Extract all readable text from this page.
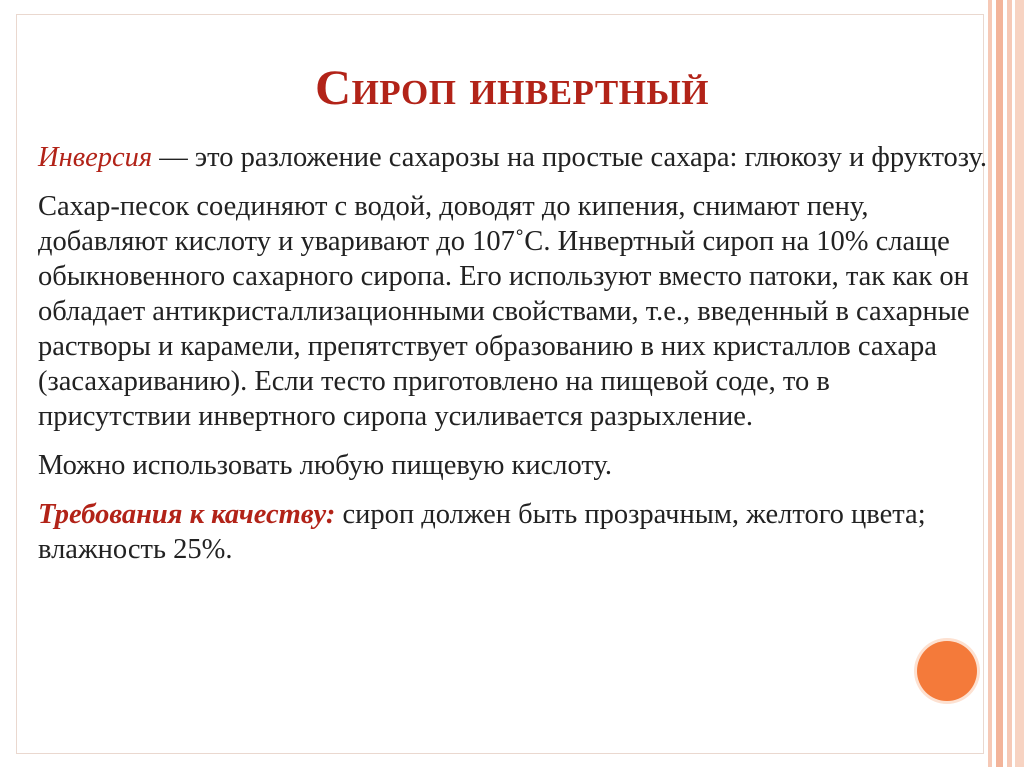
Сироп инвертный

Инверсия — это разложение сахарозы на простые сахара: глюкозу и фруктозу.

Сахар-песок соединяют с водой, доводят до кипения, снимают пену, добавляют кислоту и уваривают до 107˚С. Инвертный сироп на 10% слаще обыкновенного сахарного сиропа. Его используют вместо патоки, так как он обладает антикристаллизационными свойствами, т.е., введенный в сахарные растворы и карамели, препятствует образованию в них кристаллов сахара (засахариванию). Если тесто приготовлено на пищевой соде, то в присутствии инвертного сиропа усиливается разрыхление.

Можно использовать любую пищевую кислоту.

Требования к качеству: сироп должен быть прозрачным, желтого цвета; влажность 25%.
